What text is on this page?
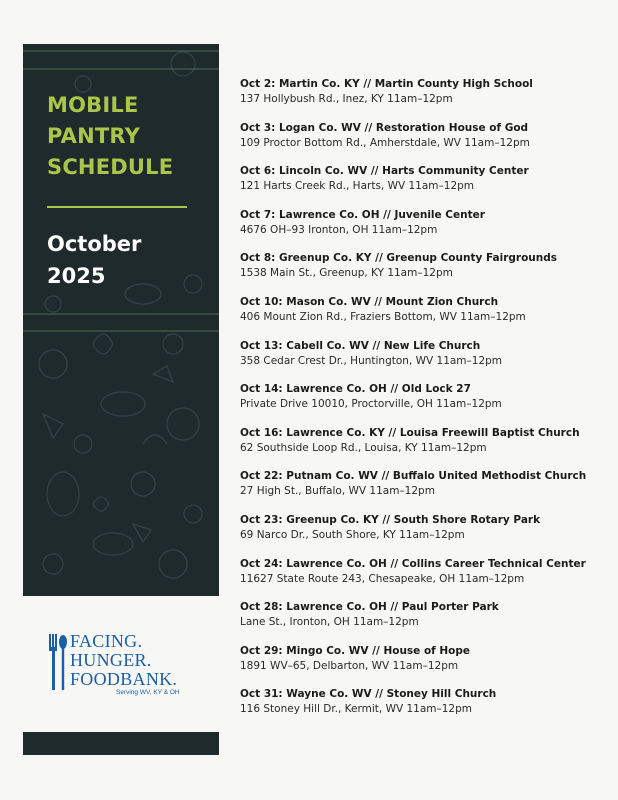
MOBILE
PANTRY
SCHEDULE
October
2025
FACING.
HUNGER.
FOODBANK.
Serving WV, KY & OH
Oct 2: Martin Co. KY // Martin County High School
137 Hollybush Rd., Inez, KY 11am–12pm
Oct 3: Logan Co. WV // Restoration House of God
109 Proctor Bottom Rd., Amherstdale, WV 11am–12pm
Oct 6: Lincoln Co. WV // Harts Community Center
121 Harts Creek Rd., Harts, WV 11am–12pm
Oct 7: Lawrence Co. OH // Juvenile Center
4676 OH–93 Ironton, OH 11am–12pm
Oct 8: Greenup Co. KY // Greenup County Fairgrounds
1538 Main St., Greenup, KY 11am–12pm
Oct 10: Mason Co. WV // Mount Zion Church
406 Mount Zion Rd., Fraziers Bottom, WV 11am–12pm
Oct 13: Cabell Co. WV // New Life Church
358 Cedar Crest Dr., Huntington, WV 11am–12pm
Oct 14: Lawrence Co. OH // Old Lock 27
Private Drive 10010, Proctorville, OH 11am–12pm
Oct 16: Lawrence Co. KY // Louisa Freewill Baptist Church
62 Southside Loop Rd., Louisa, KY 11am–12pm
Oct 22: Putnam Co. WV // Buffalo United Methodist Church
27 High St., Buffalo, WV 11am–12pm
Oct 23: Greenup Co. KY // South Shore Rotary Park
69 Narco Dr., South Shore, KY 11am–12pm
Oct 24: Lawrence Co. OH // Collins Career Technical Center
11627 State Route 243, Chesapeake, OH 11am–12pm
Oct 28: Lawrence Co. OH // Paul Porter Park
Lane St., Ironton, OH 11am–12pm
Oct 29: Mingo Co. WV // House of Hope
1891 WV–65, Delbarton, WV 11am–12pm
Oct 31: Wayne Co. WV // Stoney Hill Church
116 Stoney Hill Dr., Kermit, WV 11am–12pm
